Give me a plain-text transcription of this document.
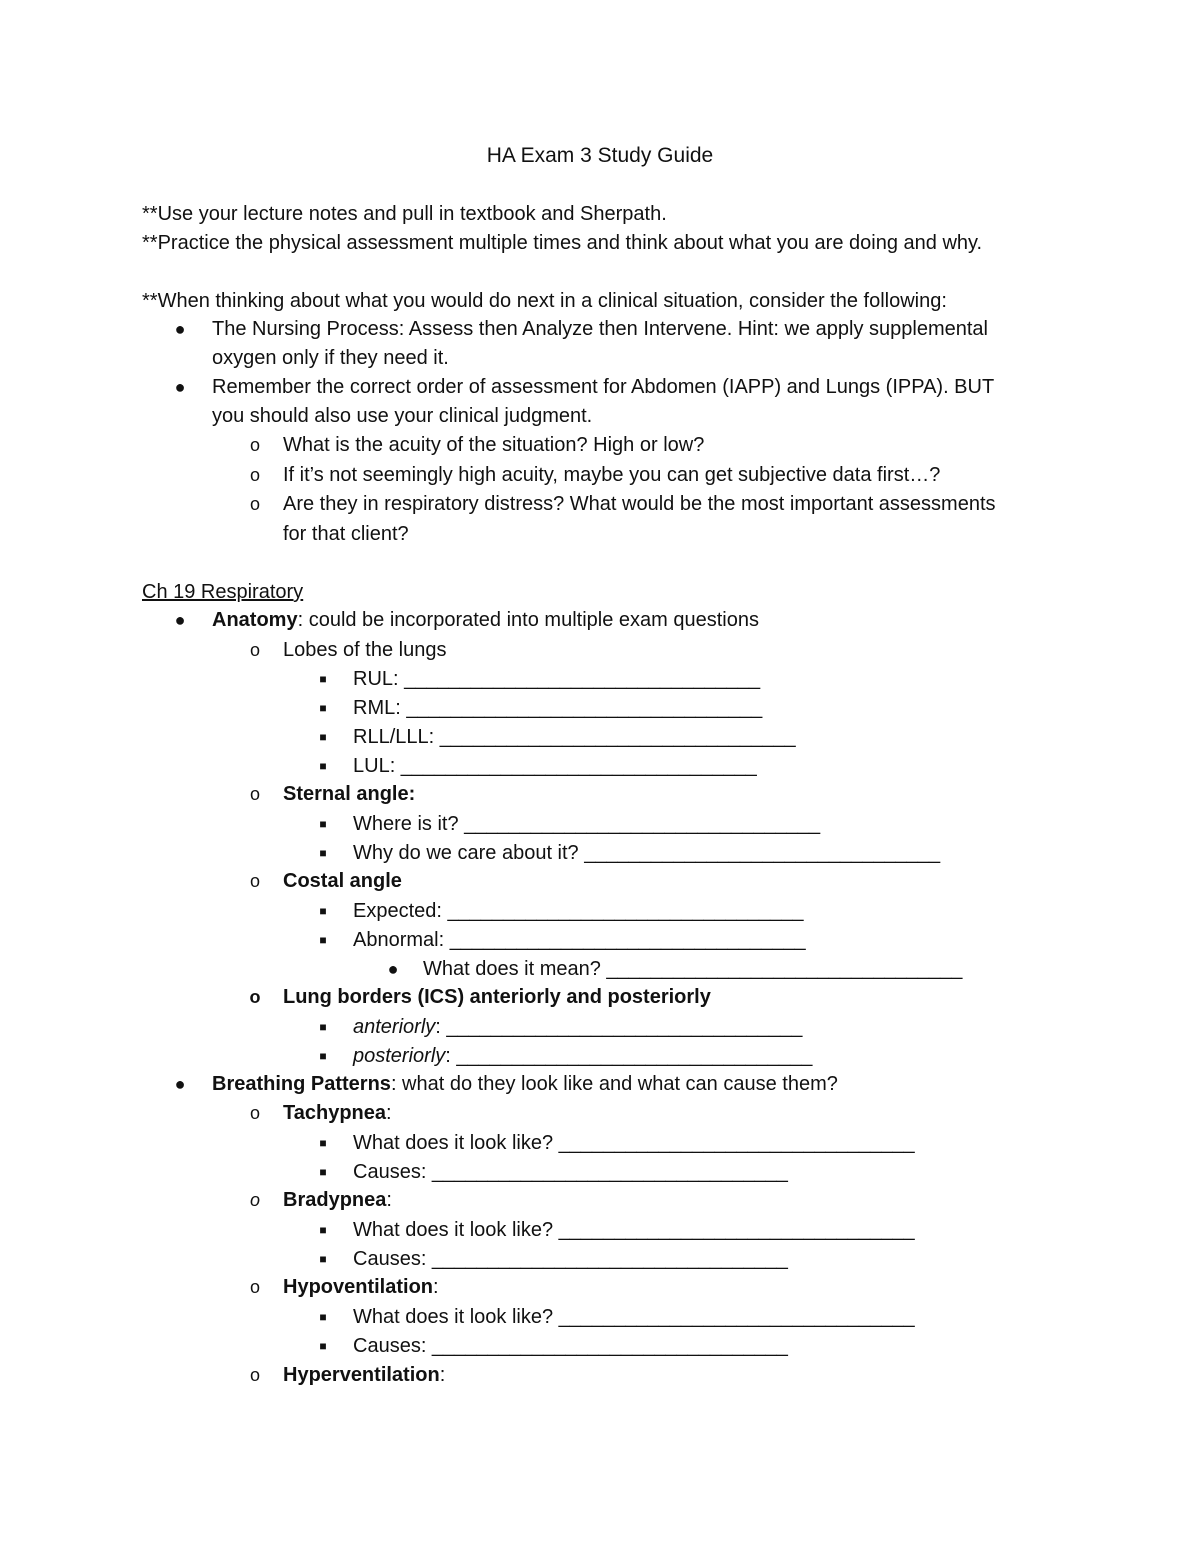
HA Exam 3 Study Guide
**Use your lecture notes and pull in textbook and Sherpath.
**Practice the physical assessment multiple times and think about what you are doing and why.
**When thinking about what you would do next in a clinical situation, consider the following:
● The Nursing Process: Assess then Analyze then Intervene. Hint: we apply supplemental
oxygen only if they need it.
● Remember the correct order of assessment for Abdomen (IAPP) and Lungs (IPPA). BUT
you should also use your clinical judgment.
o What is the acuity of the situation? High or low?
o If it’s not seemingly high acuity, maybe you can get subjective data first…?
o Are they in respiratory distress? What would be the most important assessments
for that client?
Ch 19 Respiratory
● Anatomy: could be incorporated into multiple exam questions
o Lobes of the lungs
■ RUL: ________________________________
■ RML: ________________________________
■ RLL/LLL: ________________________________
■ LUL: ________________________________
o Sternal angle:
■ Where is it? ________________________________
■ Why do we care about it? ________________________________
o Costal angle
■ Expected: ________________________________
■ Abnormal: ________________________________
● What does it mean? ________________________________
o Lung borders (ICS) anteriorly and posteriorly
■ anteriorly: ________________________________
■ posteriorly: ________________________________
● Breathing Patterns: what do they look like and what can cause them?
o Tachypnea:
■ What does it look like? ________________________________
■ Causes: ________________________________
o Bradypnea:
■ What does it look like? ________________________________
■ Causes: ________________________________
o Hypoventilation:
■ What does it look like? ________________________________
■ Causes: ________________________________
o Hyperventilation:
